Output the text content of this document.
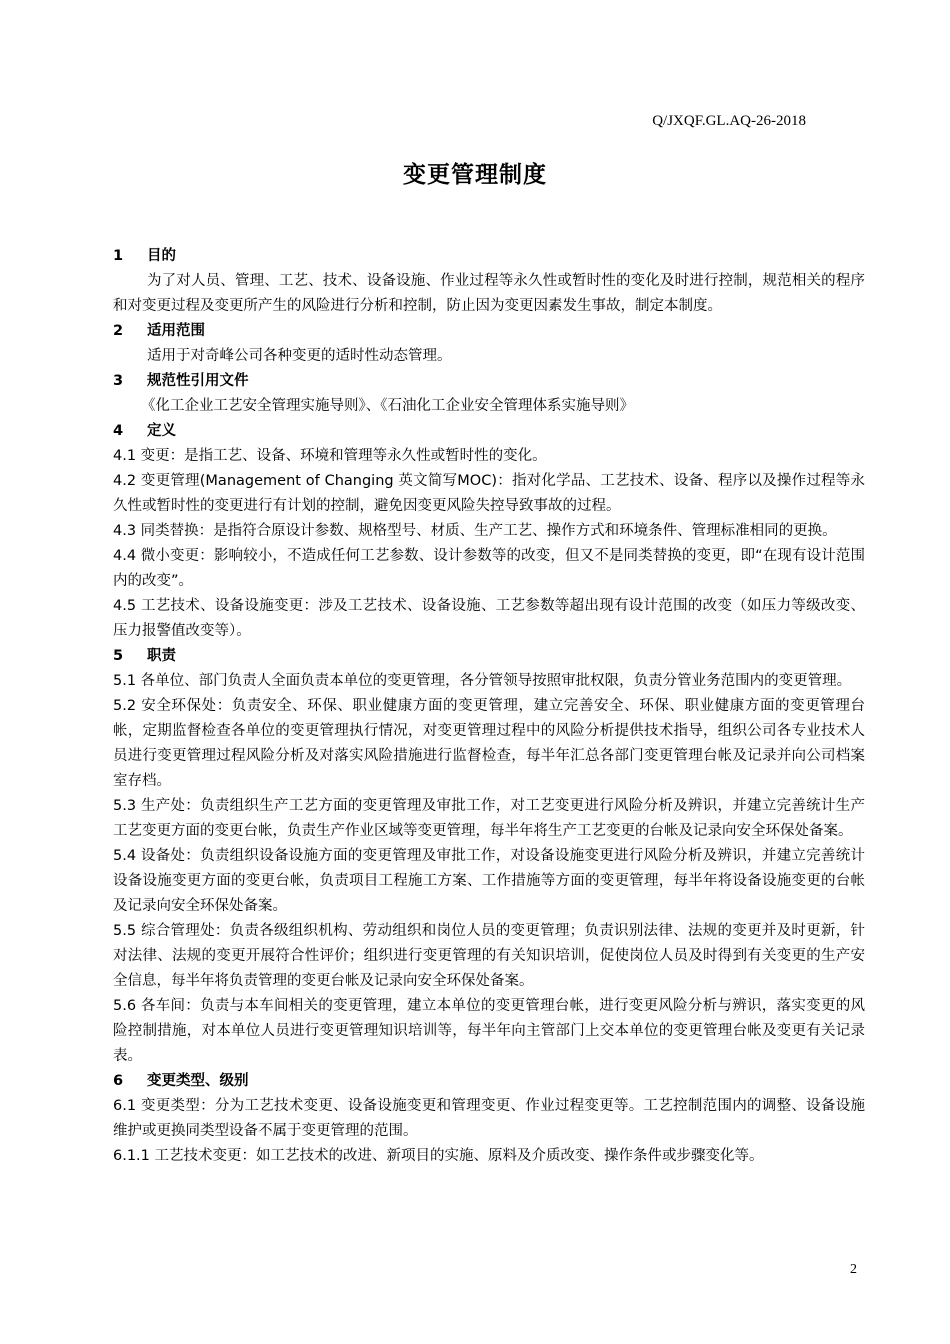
Q/JXQF.GL.AQ-26-2018
变更管理制度
1 目的
为了对人员、管理、工艺、技术、设备设施、作业过程等永久性或暂时性的变化及时进行控制，规范相关的程序和对变更过程及变更所产生的风险进行分析和控制，防止因为变更因素发生事故，制定本制度。
2 适用范围
适用于对奇峰公司各种变更的适时性动态管理。
3 规范性引用文件
《化工企业工艺安全管理实施导则》、《石油化工企业安全管理体系实施导则》
4 定义
4.1 变更：是指工艺、设备、环境和管理等永久性或暂时性的变化。
4.2 变更管理(Management of Changing 英文简写MOC)：指对化学品、工艺技术、设备、程序以及操作过程等永久性或暂时性的变更进行有计划的控制，避免因变更风险失控导致事故的过程。
4.3 同类替换：是指符合原设计参数、规格型号、材质、生产工艺、操作方式和环境条件、管理标准相同的更换。
4.4 微小变更：影响较小，不造成任何工艺参数、设计参数等的改变，但又不是同类替换的变更，即“在现有设计范围内的改变”。
4.5 工艺技术、设备设施变更：涉及工艺技术、设备设施、工艺参数等超出现有设计范围的改变（如压力等级改变、压力报警值改变等）。
5 职责
5.1 各单位、部门负责人全面负责本单位的变更管理，各分管领导按照审批权限，负责分管业务范围内的变更管理。
5.2 安全环保处：负责安全、环保、职业健康方面的变更管理，建立完善安全、环保、职业健康方面的变更管理台帐，定期监督检查各单位的变更管理执行情况，对变更管理过程中的风险分析提供技术指导，组织公司各专业技术人员进行变更管理过程风险分析及对落实风险措施进行监督检查，每半年汇总各部门变更管理台帐及记录并向公司档案室存档。
5.3 生产处：负责组织生产工艺方面的变更管理及审批工作，对工艺变更进行风险分析及辨识，并建立完善统计生产工艺变更方面的变更台帐，负责生产作业区域等变更管理，每半年将生产工艺变更的台帐及记录向安全环保处备案。
5.4 设备处：负责组织设备设施方面的变更管理及审批工作，对设备设施变更进行风险分析及辨识，并建立完善统计设备设施变更方面的变更台帐，负责项目工程施工方案、工作措施等方面的变更管理，每半年将设备设施变更的台帐及记录向安全环保处备案。
5.5 综合管理处：负责各级组织机构、劳动组织和岗位人员的变更管理；负责识别法律、法规的变更并及时更新，针对法律、法规的变更开展符合性评价；组织进行变更管理的有关知识培训，促使岗位人员及时得到有关变更的生产安全信息，每半年将负责管理的变更台帐及记录向安全环保处备案。
5.6 各车间：负责与本车间相关的变更管理，建立本单位的变更管理台帐，进行变更风险分析与辨识，落实变更的风险控制措施，对本单位人员进行变更管理知识培训等，每半年向主管部门上交本单位的变更管理台帐及变更有关记录表。
6 变更类型、级别
6.1 变更类型：分为工艺技术变更、设备设施变更和管理变更、作业过程变更等。工艺控制范围内的调整、设备设施维护或更换同类型设备不属于变更管理的范围。
6.1.1 工艺技术变更：如工艺技术的改进、新项目的实施、原料及介质改变、操作条件或步骤变化等。
2
